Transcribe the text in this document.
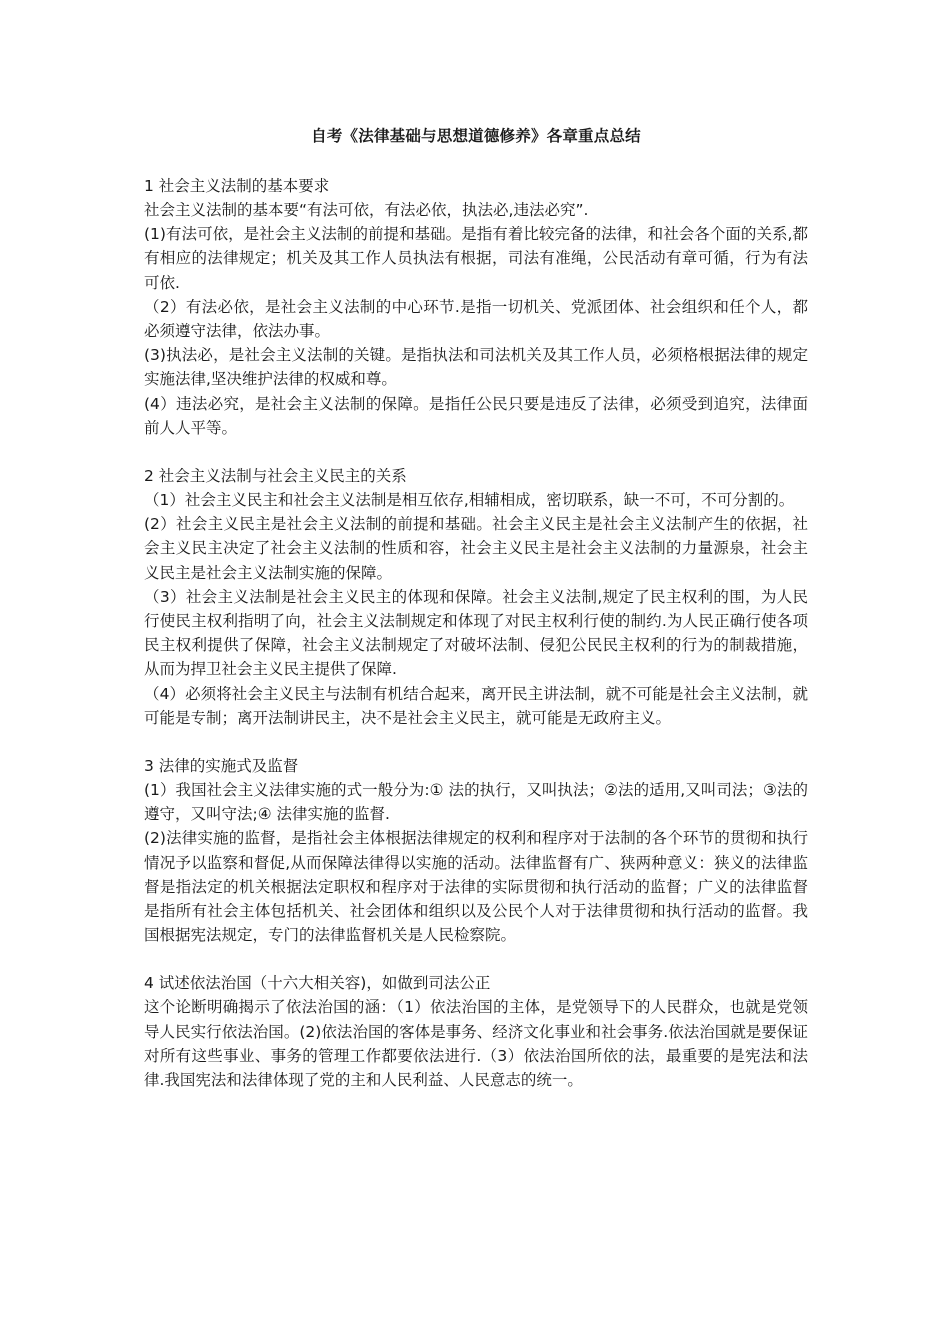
自考《法律基础与思想道德修养》各章重点总结

1 社会主义法制的基本要求

社会主义法制的基本要“有法可依，有法必依，执法必,违法必究”.

(1)有法可依，是社会主义法制的前提和基础。是指有着比较完备的法律，和社会各个面的关系,都有相应的法律规定；机关及其工作人员执法有根据，司法有准绳，公民活动有章可循，行为有法可依.

（2）有法必依，是社会主义法制的中心环节.是指一切机关、党派团体、社会组织和任个人，都必须遵守法律，依法办事。

(3)执法必，是社会主义法制的关键。是指执法和司法机关及其工作人员，必须格根据法律的规定实施法律,坚决维护法律的权威和尊。

(4）违法必究，是社会主义法制的保障。是指任公民只要是违反了法律，必须受到追究，法律面前人人平等。

2 社会主义法制与社会主义民主的关系

（1）社会主义民主和社会主义法制是相互依存,相辅相成，密切联系，缺一不可，不可分割的。

(2）社会主义民主是社会主义法制的前提和基础。社会主义民主是社会主义法制产生的依据，社会主义民主决定了社会主义法制的性质和容，社会主义民主是社会主义法制的力量源泉，社会主义民主是社会主义法制实施的保障。

（3）社会主义法制是社会主义民主的体现和保障。社会主义法制,规定了民主权利的围，为人民行使民主权利指明了向，社会主义法制规定和体现了对民主权利行使的制约.为人民正确行使各项民主权利提供了保障，社会主义法制规定了对破坏法制、侵犯公民民主权利的行为的制裁措施，从而为捍卫社会主义民主提供了保障.

（4）必须将社会主义民主与法制有机结合起来，离开民主讲法制，就不可能是社会主义法制，就可能是专制；离开法制讲民主，决不是社会主义民主，就可能是无政府主义。

3 法律的实施式及监督

(1）我国社会主义法律实施的式一般分为:① 法的执行，又叫执法；②法的适用,又叫司法；③法的遵守，又叫守法;④ 法律实施的监督.

(2)法律实施的监督，是指社会主体根据法律规定的权利和程序对于法制的各个环节的贯彻和执行情况予以监察和督促,从而保障法律得以实施的活动。法律监督有广、狭两种意义：狭义的法律监督是指法定的机关根据法定职权和程序对于法律的实际贯彻和执行活动的监督；广义的法律监督是指所有社会主体包括机关、社会团体和组织以及公民个人对于法律贯彻和执行活动的监督。我国根据宪法规定，专门的法律监督机关是人民检察院。

4 试述依法治国（十六大相关容)，如做到司法公正

这个论断明确揭示了依法治国的涵：（1）依法治国的主体，是党领导下的人民群众，也就是党领导人民实行依法治国。(2)依法治国的客体是事务、经济文化事业和社会事务.依法治国就是要保证对所有这些事业、事务的管理工作都要依法进行.（3）依法治国所依的法，最重要的是宪法和法律.我国宪法和法律体现了党的主和人民利益、人民意志的统一。
